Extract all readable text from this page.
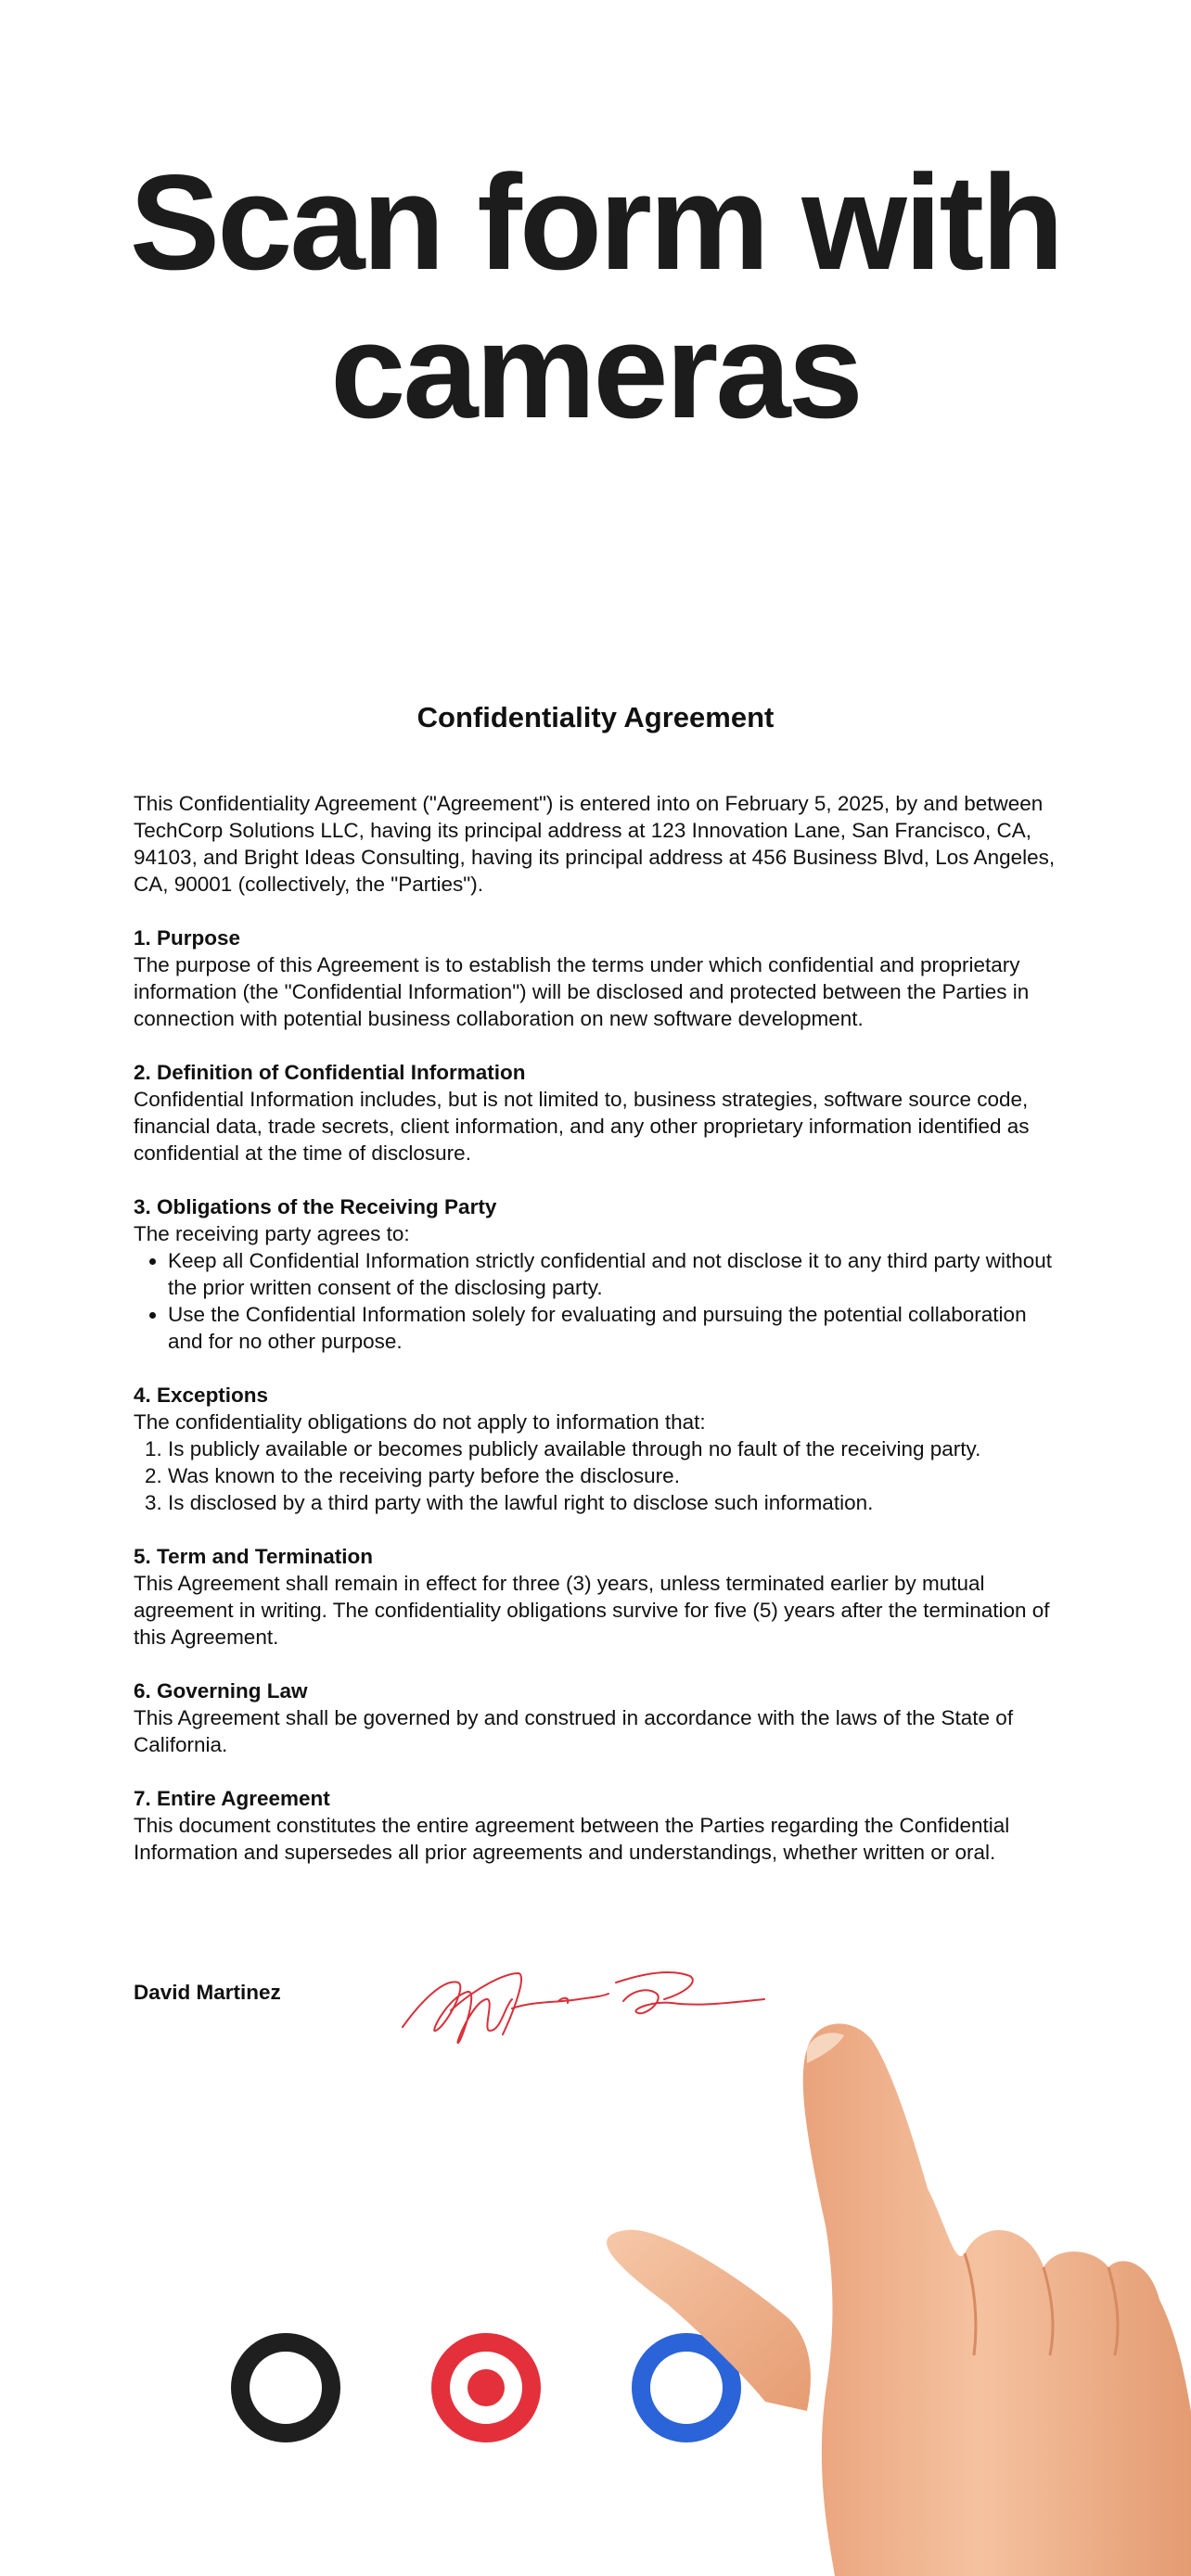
Scan form with
cameras
Confidentiality Agreement

This Confidentiality Agreement ("Agreement") is entered into on February 5, 2025, by and between TechCorp Solutions LLC, having its principal address at 123 Innovation Lane, San Francisco, CA, 94103, and Bright Ideas Consulting, having its principal address at 456 Business Blvd, Los Angeles, CA, 90001 (collectively, the "Parties").

1. Purpose

The purpose of this Agreement is to establish the terms under which confidential and proprietary information (the "Confidential Information") will be disclosed and protected between the Parties in connection with potential business collaboration on new software development.

2. Definition of Confidential Information

Confidential Information includes, but is not limited to, business strategies, software source code, financial data, trade secrets, client information, and any other proprietary information identified as confidential at the time of disclosure.

3. Obligations of the Receiving Party

The receiving party agrees to:

• Keep all Confidential Information strictly confidential and not disclose it to any third party without the prior written consent of the disclosing party.
• Use the Confidential Information solely for evaluating and pursuing the potential collaboration and for no other purpose.
4. Exceptions

The confidentiality obligations do not apply to information that:

1. Is publicly available or becomes publicly available through no fault of the receiving party.
2. Was known to the receiving party before the disclosure.
3. Is disclosed by a third party with the lawful right to disclose such information.
5. Term and Termination

This Agreement shall remain in effect for three (3) years, unless terminated earlier by mutual agreement in writing. The confidentiality obligations survive for five (5) years after the termination of this Agreement.

6. Governing Law

This Agreement shall be governed by and construed in accordance with the laws of the State of California.

7. Entire Agreement

This document constitutes the entire agreement between the Parties regarding the Confidential Information and supersedes all prior agreements and understandings, whether written or oral.

David Martinez
